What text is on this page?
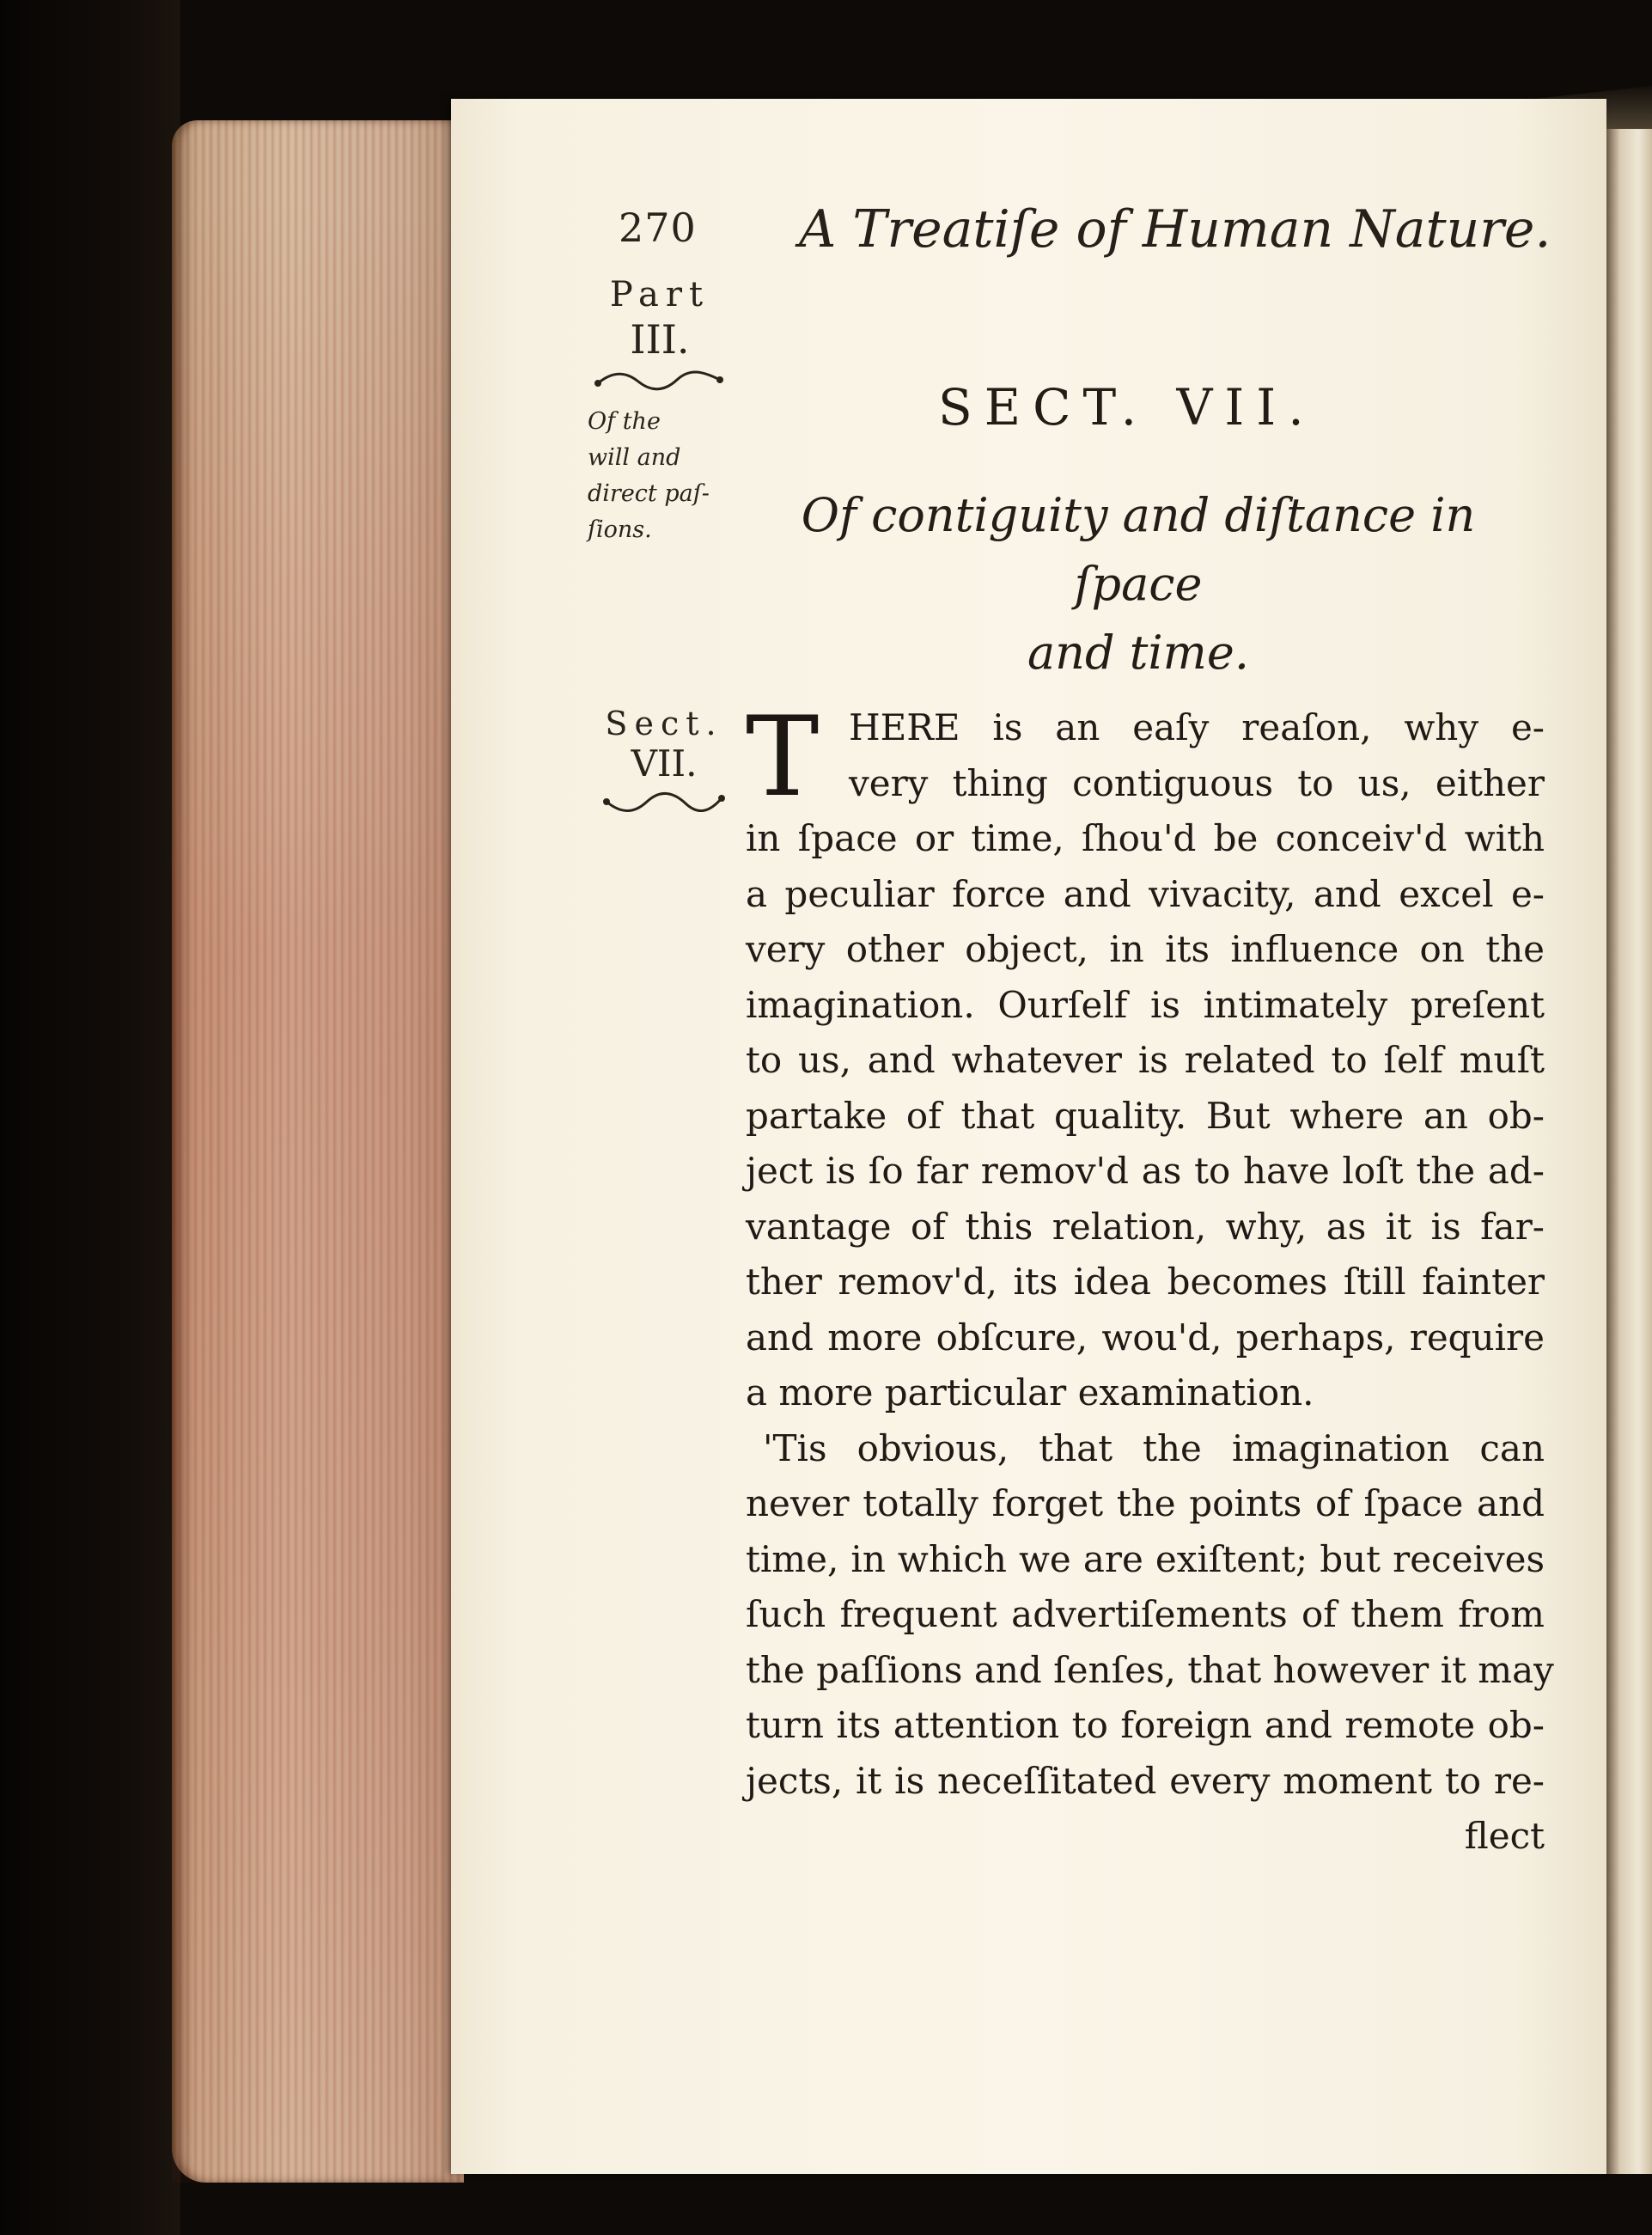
270 A Treatiſe of Human Nature.
Part
III.
Of the
will and
direct paſ-
ſions.
SECT. VII.
Of contiguity and diſtance in ſpace
and time.
Sect.
VII. T HERE is an eaſy reaſon, why e-
very thing contiguous to us, either
in ſpace or time, ſhou'd be conceiv'd with
a peculiar force and vivacity, and excel e-
very other object, in its influence on the
imagination. Ourſelf is intimately preſent
to us, and whatever is related to ſelf muſt
partake of that quality. But where an ob-
ject is ſo far remov'd as to have loſt the ad-
vantage of this relation, why, as it is far-
ther remov'd, its idea becomes ſtill fainter
and more obſcure, wou'd, perhaps, require
a more particular examination.
'Tis obvious, that the imagination can
never totally forget the points of ſpace and
time, in which we are exiſtent; but receives
ſuch frequent advertiſements of them from
the paſſions and ſenſes, that however it may
turn its attention to foreign and remote ob-
jects, it is neceſſitated every moment to re-
flect
